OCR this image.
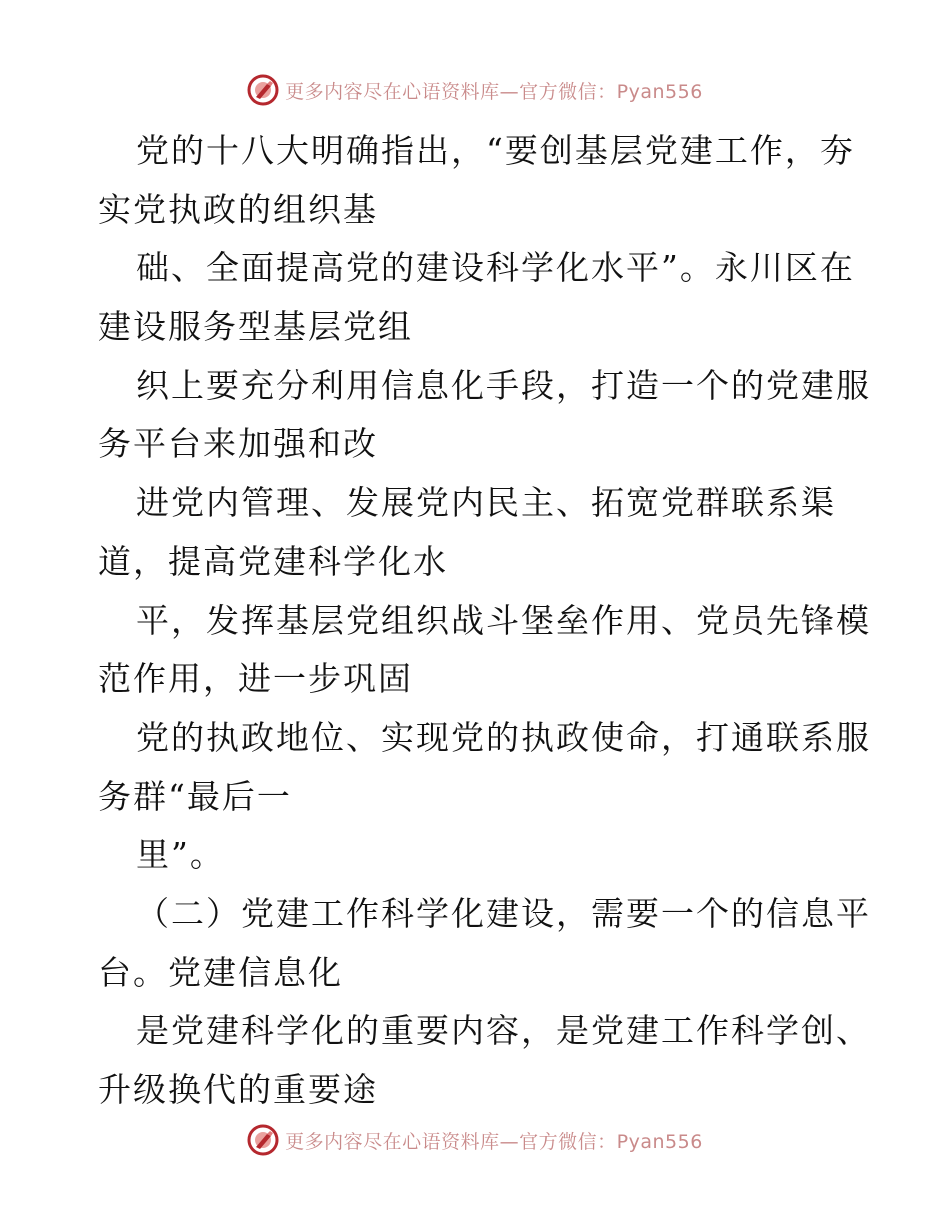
更多内容尽在心语资料库—官方微信：Pyan556
党的十八大明确指出，“要创基层党建工作，夯
实党执政的组织基
础、全面提高党的建设科学化水平”。永川区在
建设服务型基层党组
织上要充分利用信息化手段，打造一个的党建服
务平台来加强和改
进党内管理、发展党内民主、拓宽党群联系渠
道，提高党建科学化水
平，发挥基层党组织战斗堡垒作用、党员先锋模
范作用，进一步巩固
党的执政地位、实现党的执政使命，打通联系服
务群“最后一
里”。
（二）党建工作科学化建设，需要一个的信息平
台。党建信息化
是党建科学化的重要内容，是党建工作科学创、
升级换代的重要途
更多内容尽在心语资料库—官方微信：Pyan556
